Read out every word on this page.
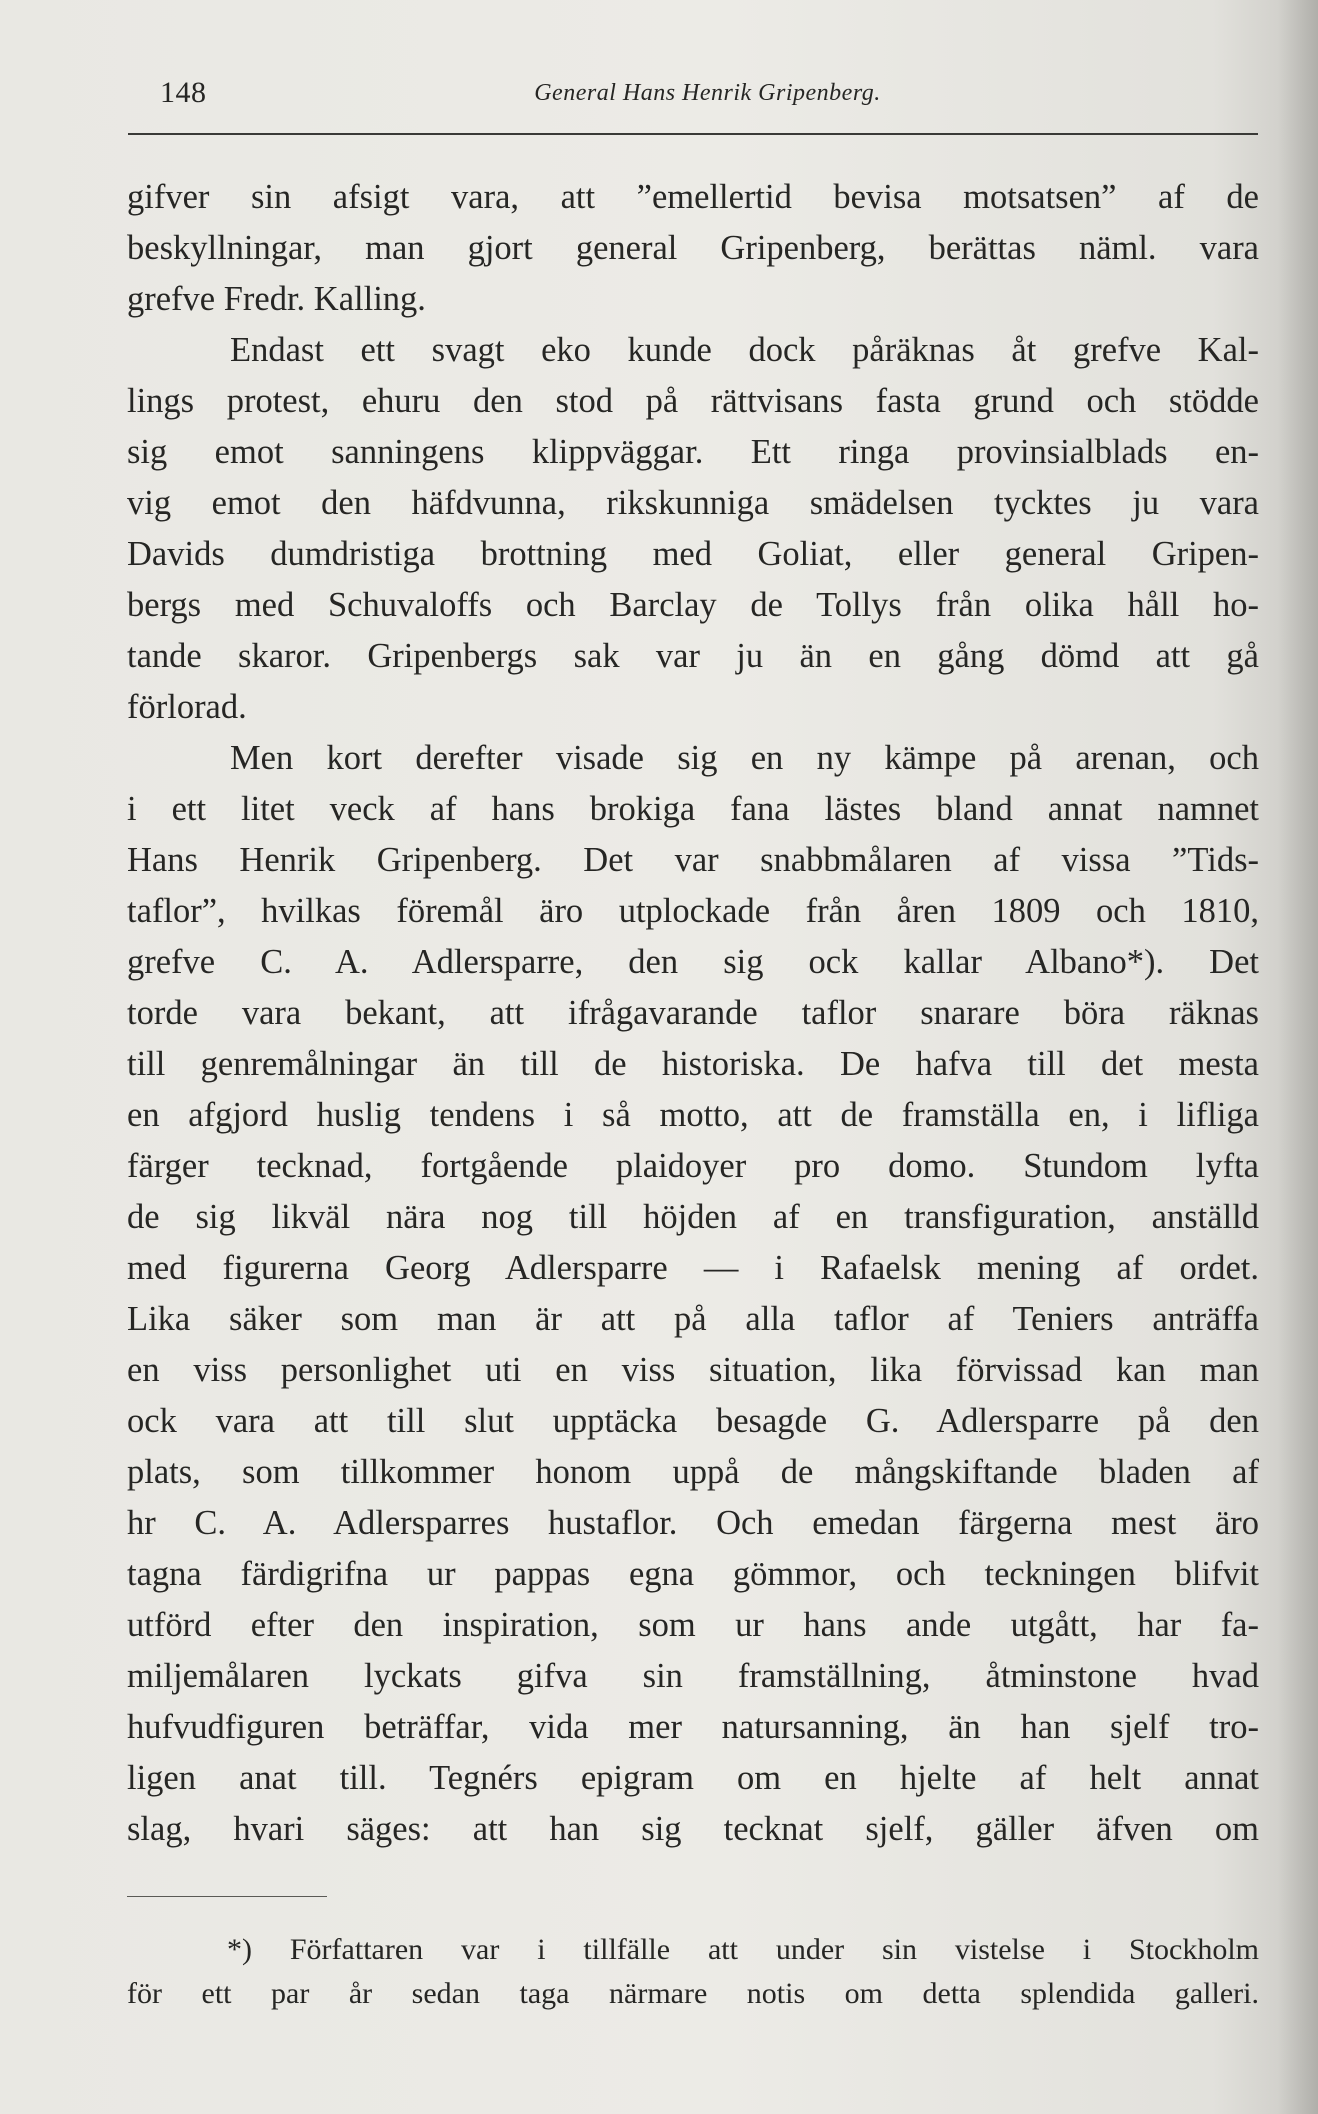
148	General Hans Henrik Gripenberg.
gifver sin afsigt vara, att ”emellertid bevisa motsatsen” af de
beskyllningar, man gjort general Gripenberg, berättas näml. vara
grefve Fredr. Kalling.
Endast ett svagt eko kunde dock påräknas åt grefve Kal-
lings protest, ehuru den stod på rättvisans fasta grund och stödde
sig emot sanningens klippväggar. Ett ringa provinsialblads en-
vig emot den häfdvunna, rikskunniga smädelsen tycktes ju vara
Davids dumdristiga brottning med Goliat, eller general Gripen-
bergs med Schuvaloffs och Barclay de Tollys från olika håll ho-
tande skaror. Gripenbergs sak var ju än en gång dömd att gå
förlorad.
Men kort derefter visade sig en ny kämpe på arenan, och
i ett litet veck af hans brokiga fana lästes bland annat namnet
Hans Henrik Gripenberg. Det var snabbmålaren af vissa ”Tids-
taflor”, hvilkas föremål äro utplockade från åren 1809 och 1810,
grefve C. A. Adlersparre, den sig ock kallar Albano*). Det
torde vara bekant, att ifrågavarande taflor snarare böra räknas
till genremålningar än till de historiska. De hafva till det mesta
en afgjord huslig tendens i så motto, att de framställa en, i lifliga
färger tecknad, fortgående plaidoyer pro domo. Stundom lyfta
de sig likväl nära nog till höjden af en transfiguration, anställd
med figurerna Georg Adlersparre — i Rafaelsk mening af ordet.
Lika säker som man är att på alla taflor af Teniers anträffa
en viss personlighet uti en viss situation, lika förvissad kan man
ock vara att till slut upptäcka besagde G. Adlersparre på den
plats, som tillkommer honom uppå de mångskiftande bladen af
hr C. A. Adlersparres hustaflor. Och emedan färgerna mest äro
tagna färdigrifna ur pappas egna gömmor, och teckningen blifvit
utförd efter den inspiration, som ur hans ande utgått, har fa-
miljemålaren lyckats gifva sin framställning, åtminstone hvad
hufvudfiguren beträffar, vida mer natursanning, än han sjelf tro-
ligen anat till. Tegnérs epigram om en hjelte af helt annat
slag, hvari säges: att han sig tecknat sjelf, gäller äfven om
*) Författaren var i tillfälle att under sin vistelse i Stockholm
för ett par år sedan taga närmare notis om detta splendida galleri.
